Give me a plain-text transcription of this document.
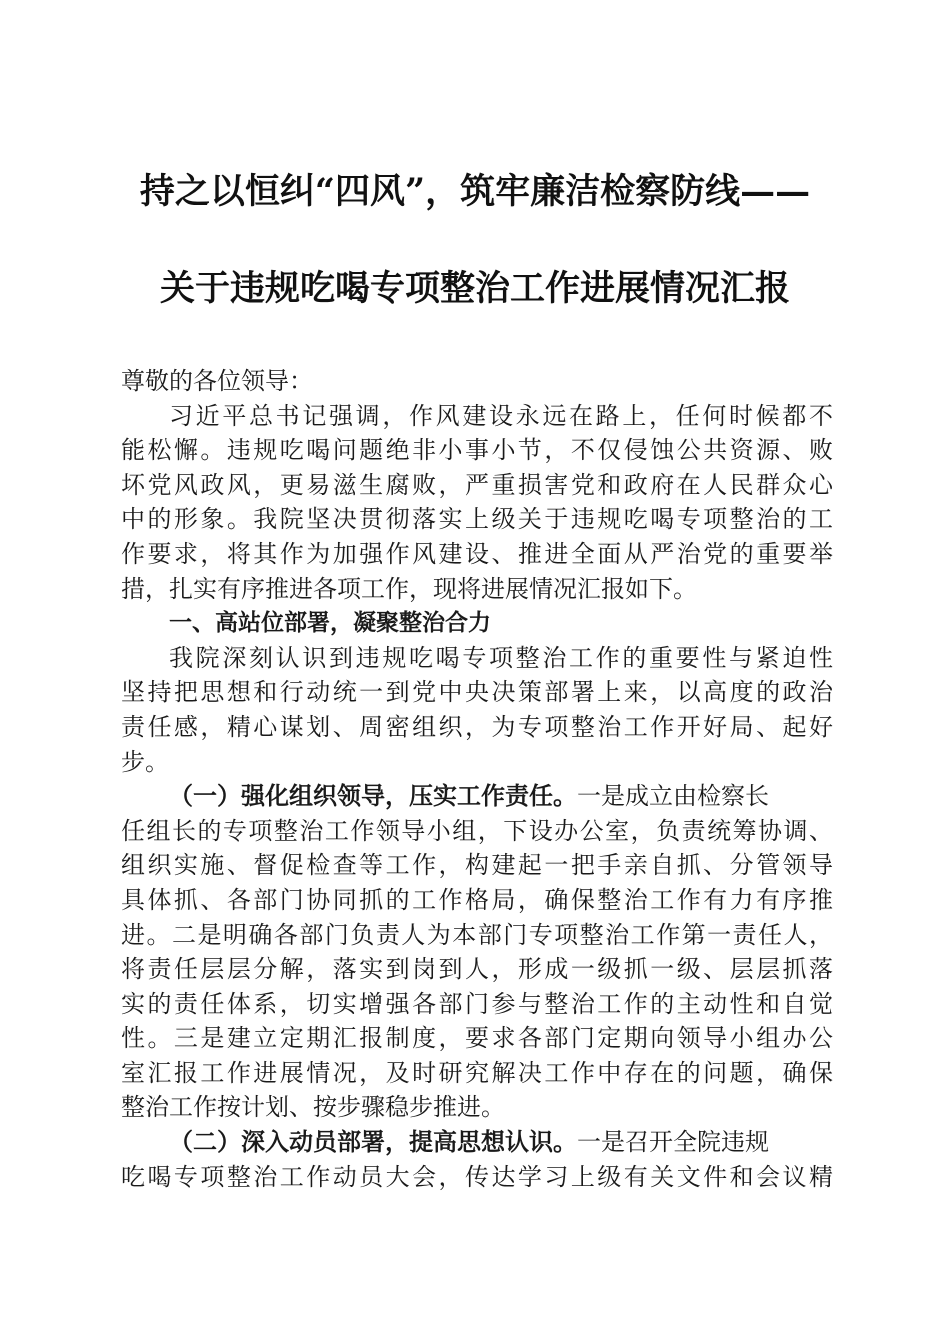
持之以恒纠“四风”，筑牢廉洁检察防线——
关于违规吃喝专项整治工作进展情况汇报
尊敬的各位领导：
习近平总书记强调，作风建设永远在路上，任何时候都不
能松懈。违规吃喝问题绝非小事小节，不仅侵蚀公共资源、败
坏党风政风，更易滋生腐败，严重损害党和政府在人民群众心
中的形象。我院坚决贯彻落实上级关于违规吃喝专项整治的工
作要求，将其作为加强作风建设、推进全面从严治党的重要举
措，扎实有序推进各项工作，现将进展情况汇报如下。
一、高站位部署，凝聚整治合力
我院深刻认识到违规吃喝专项整治工作的重要性与紧迫性
坚持把思想和行动统一到党中央决策部署上来，以高度的政治
责任感，精心谋划、周密组织，为专项整治工作开好局、起好
步。
（一）强化组织领导，压实工作责任。一是成立由检察长
任组长的专项整治工作领导小组，下设办公室，负责统筹协调、
组织实施、督促检查等工作，构建起一把手亲自抓、分管领导
具体抓、各部门协同抓的工作格局，确保整治工作有力有序推
进。二是明确各部门负责人为本部门专项整治工作第一责任人，
将责任层层分解，落实到岗到人，形成一级抓一级、层层抓落
实的责任体系，切实增强各部门参与整治工作的主动性和自觉
性。三是建立定期汇报制度，要求各部门定期向领导小组办公
室汇报工作进展情况，及时研究解决工作中存在的问题，确保
整治工作按计划、按步骤稳步推进。
（二）深入动员部署，提高思想认识。一是召开全院违规
吃喝专项整治工作动员大会，传达学习上级有关文件和会议精
